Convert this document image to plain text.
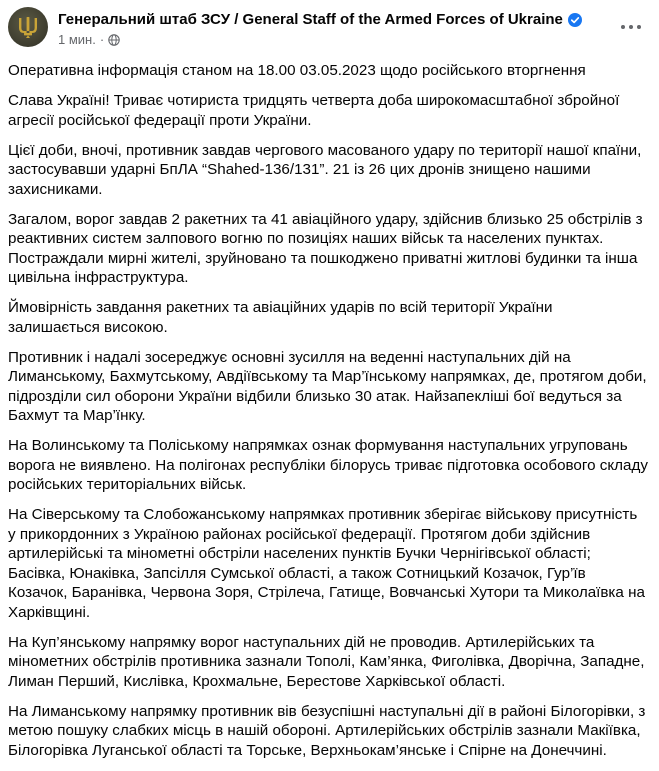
Генеральний штаб ЗСУ / General Staff of the Armed Forces of Ukraine
1 мин. ·

Оперативна інформація станом на 18.00 03.05.2023 щодо російського вторгнення

Слава Україні! Триває чотириста тридцять четверта доба широкомасштабної збройної агресії російської федерації проти України.

Цієї доби, вночі, противник завдав чергового масованого удару по території нашої кпаїни, застосувавши ударні БпЛА “Shahed-136/131”. 21 із 26 цих дронів знищено нашими захисниками.

Загалом, ворог завдав 2 ракетних та 41 авіаційного удару, здійснив близько 25 обстрілів з реактивних систем залпового вогню по позиціях наших військ та населених пунктах. Постраждали мирні жителі, зруйновано та пошкоджено приватні житлові будинки та інша цивільна інфраструктура.

Ймовірність завдання ракетних та авіаційних ударів по всій території України залишається високою.

Противник і надалі зосереджує основні зусилля на веденні наступальних дій на Лиманському, Бахмутському, Авдіївському та Мар’їнському напрямках, де, протягом доби, підрозділи сил оборони України відбили близько 30 атак. Найзапекліші бої ведуться за Бахмут та Мар’їнку.

На Волинському та Поліському напрямках ознак формування наступальних угруповань ворога не виявлено. На полігонах республіки білорусь триває підготовка особового складу російських територіальних військ.

На Сіверському та Слобожанському напрямках противник зберігає військову присутність у прикордонних з Україною районах російської федерації. Протягом доби здійснив артилерійські та мінометні обстріли населених пунктів Бучки Чернігівської області; Басівка, Юнаківка, Запсілля Сумської області, а також Сотницький Козачок, Гур’їв Козачок, Баранівка, Червона Зоря, Стрілеча, Гатище, Вовчанські Хутори та Миколаївка на Харківщині.

На Куп’янському напрямку ворог наступальних дій не проводив. Артилерійських та мінометних обстрілів противника зазнали Тополі, Кам’янка, Фиголівка, Дворічна, Западне, Лиман Перший, Кислівка, Крохмальне, Берестове Харківської області.

На Лиманському напрямку противник вів безуспішні наступальні дії в районі Білогорівки, з метою пошуку слабких місць в нашій обороні. Артилерійських обстрілів зазнали Макіївка, Білогорівка Луганської області та Торське, Верхньокам’янське і Спірне на Донеччині.
